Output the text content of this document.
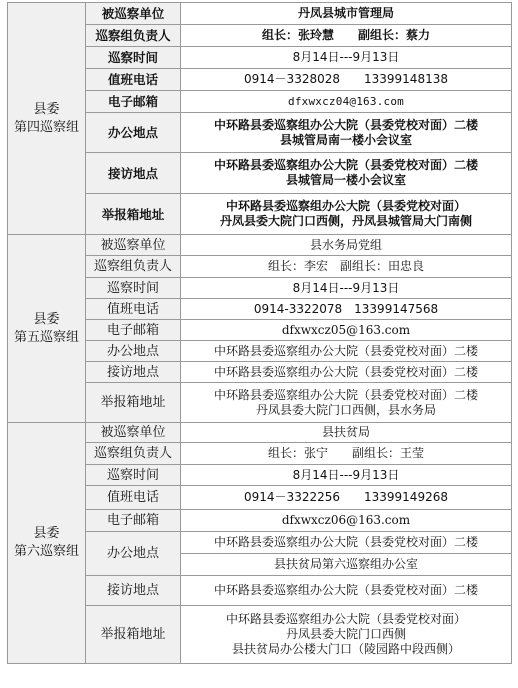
县委
第四巡察组	被巡察单位	丹凤县城市管理局

	巡察组负责人	组长：张玲慧　　副组长：蔡力

	巡察时间	8月14日---9月13日

	值班电话	0914－3328028　　13399148138

	电子邮箱	dfxwxcz04@163.com

	办公地点	中环路县委巡察组办公大院（县委党校对面）二楼
县城管局南一楼小会议室

	接访地点	中环路县委巡察组办公大院（县委党校对面）二楼
县城管局一楼小会议室

	举报箱地址	中环路县委巡察组办公大院（县委党校对面）
丹凤县委大院门口西侧，丹凤县城管局大门南侧

县委
第五巡察组	被巡察单位	县水务局党组

	巡察组负责人	组长：李宏　副组长：田忠良

	巡察时间	8月14日---9月13日

	值班电话	0914-3322078　13399147568

	电子邮箱	dfxwxcz05@163.com

	办公地点	中环路县委巡察组办公大院（县委党校对面）二楼

	接访地点	中环路县委巡察组办公大院（县委党校对面）二楼

	举报箱地址	中环路县委巡察组办公大院（县委党校对面）二楼
丹凤县委大院门口西侧，县水务局

县委
第六巡察组	被巡察单位	县扶贫局

	巡察组负责人	组长：张宁　　副组长：王莹

	巡察时间	8月14日---9月13日

	值班电话	0914－3322256　　13399149268

	电子邮箱	dfxwxcz06@163.com

	办公地点	中环路县委巡察组办公大院（县委党校对面）二楼

		县扶贫局第六巡察组办公室

	接访地点	中环路县委巡察组办公大院（县委党校对面）二楼

	举报箱地址	中环路县委巡察组办公大院（县委党校对面）
丹凤县委大院门口西侧
县扶贫局办公楼大门口（陵园路中段西侧）
